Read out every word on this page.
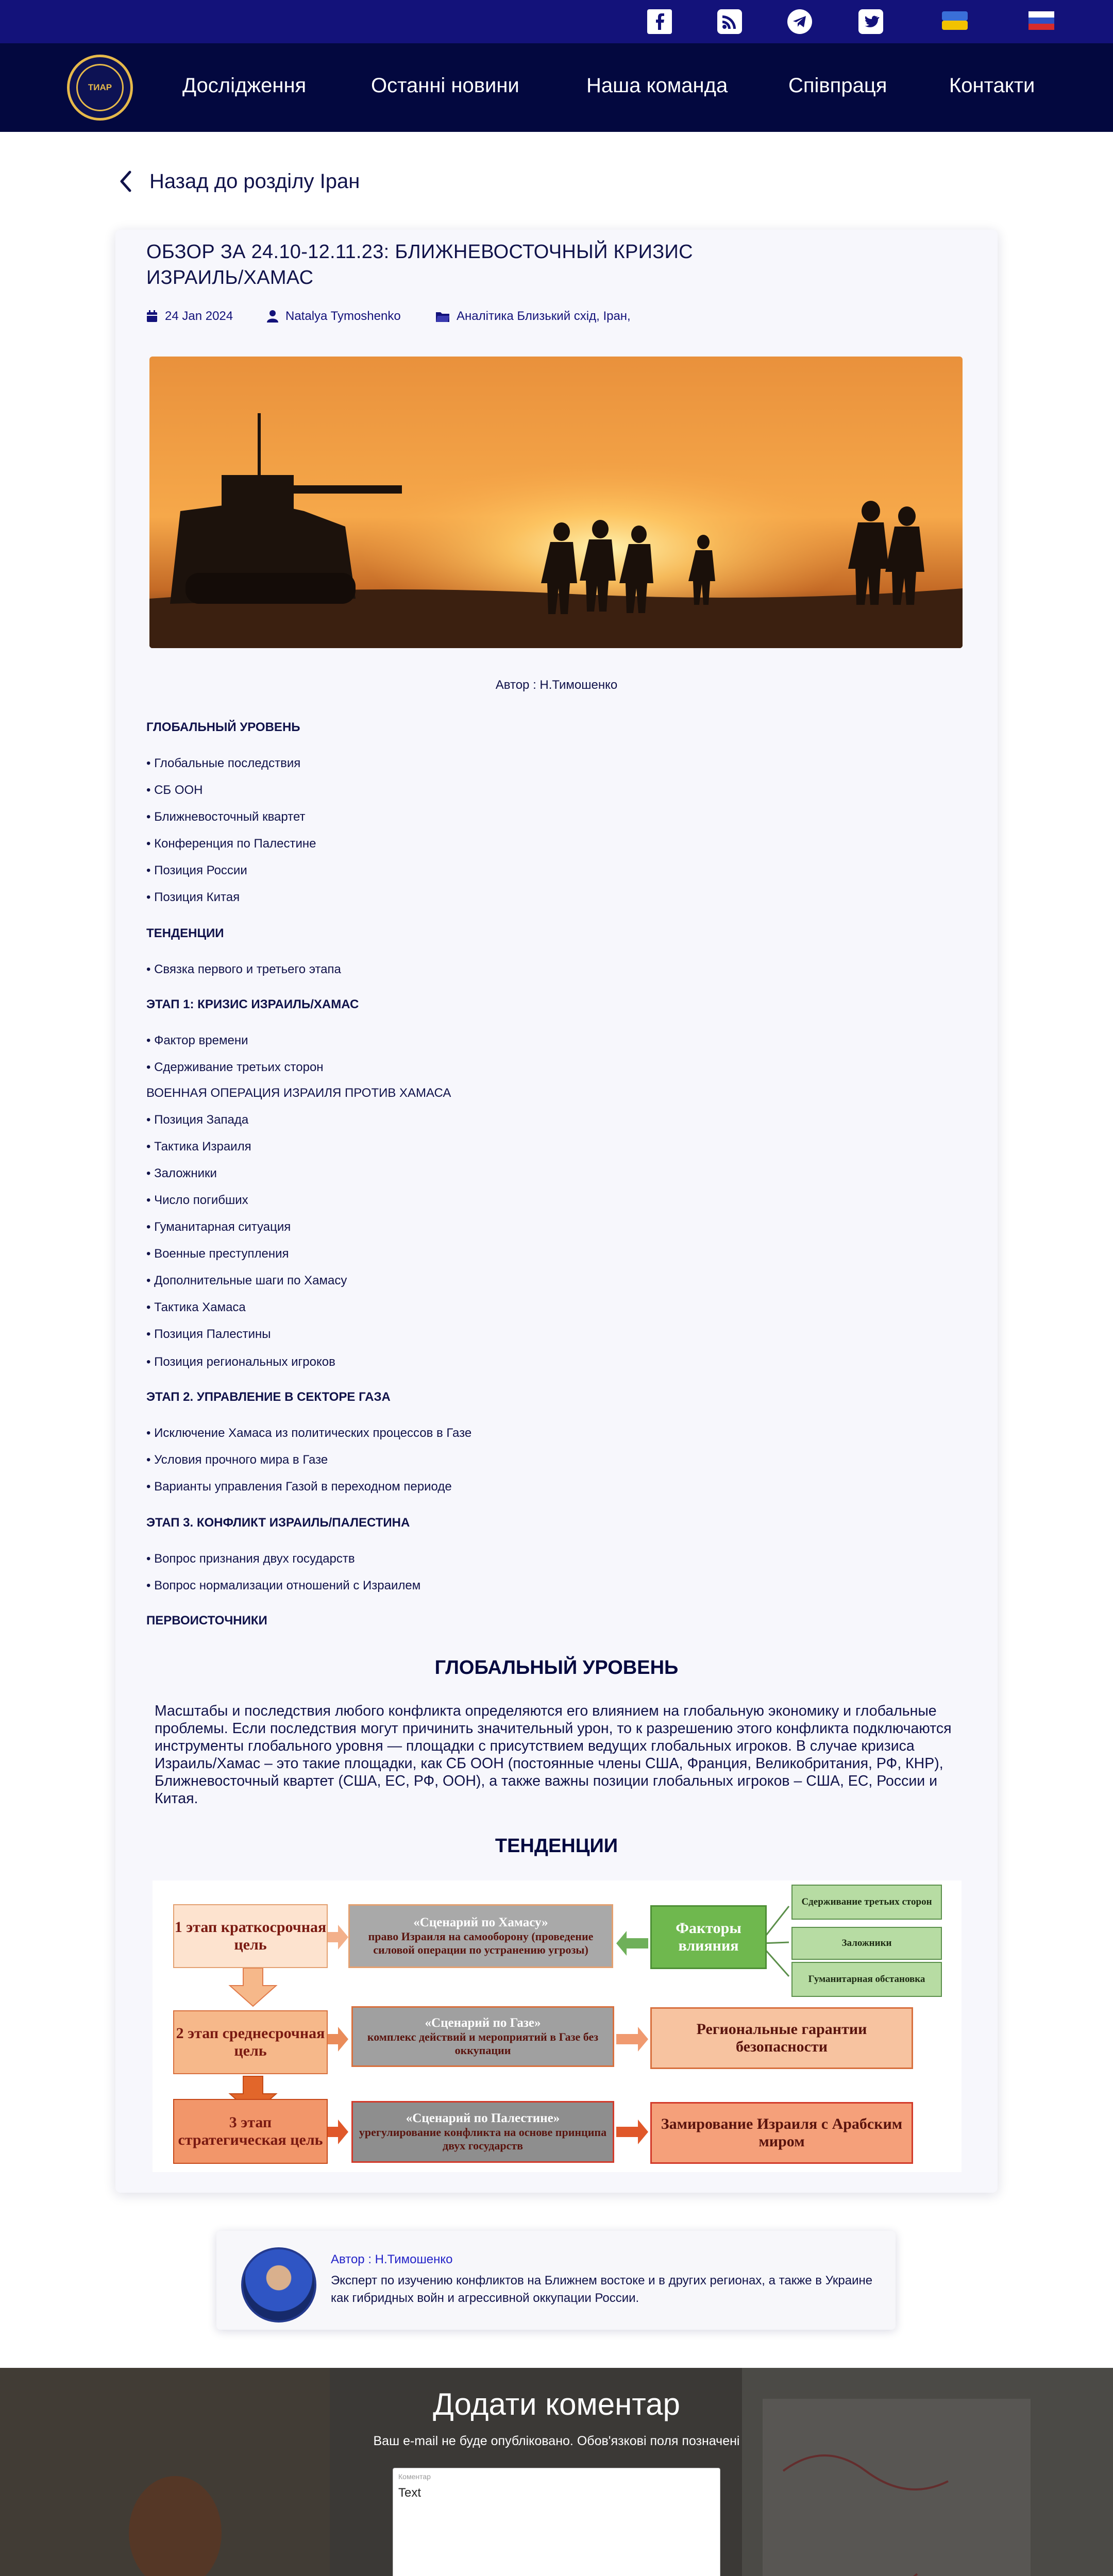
ТИАР	Дослідження	Останні новини	Наша команда	Співпраця	Контакти
Назад до розділу Іран
ОБЗОР ЗА 24.10-12.11.23: БЛИЖНЕВОСТОЧНЫЙ КРИЗИС ИЗРАИЛЬ/ХАМАС
24 Jan 2024	Natalya Tymoshenko	Аналітика Близький схід, Іран,
Автор : Н.Тимошенко
ГЛОБАЛЬНЫЙ УРОВЕНЬ
• Глобальные последствия
• СБ ООН
• Ближневосточный квартет
• Конференция по Палестине
• Позиция России
• Позиция Китая
ТЕНДЕНЦИИ
• Связка первого и третьего этапа
ЭТАП 1: КРИЗИС ИЗРАИЛЬ/ХАМАС
• Фактор времени
• Сдерживание третьих сторон
ВОЕННАЯ ОПЕРАЦИЯ ИЗРАИЛЯ ПРОТИВ ХАМАСА
• Позиция Запада
• Тактика Израиля
• Заложники
• Число погибших
• Гуманитарная ситуация
• Военные преступления
• Дополнительные шаги по Хамасу
• Тактика Хамаса
• Позиция Палестины
• Позиция региональных игроков
ЭТАП 2. УПРАВЛЕНИЕ В СЕКТОРЕ ГАЗА
• Исключение Хамаса из политических процессов в Газе
• Условия прочного мира в Газе
• Варианты управления Газой в переходном периоде
ЭТАП 3. КОНФЛИКТ ИЗРАИЛЬ/ПАЛЕСТИНА
• Вопрос признания двух государств
• Вопрос нормализации отношений с Израилем
ПЕРВОИСТОЧНИКИ
ГЛОБАЛЬНЫЙ УРОВЕНЬ

Масштабы и последствия любого конфликта определяются его влиянием на глобальную экономику и глобальные проблемы. Если последствия могут причинить значительный урон, то к разрешению этого конфликта подключаются инструменты глобального уровня — площадки с присутствием ведущих глобальных игроков. В случае кризиса Израиль/Хамас – это такие площадки, как СБ ООН (постоянные члены США, Франция, Великобритания, РФ, КНР), Ближневосточный квартет (США, ЕС, РФ, ООН), а также важны позиции глобальных игроков – США, ЕС, России и Китая.

ТЕНДЕНЦИИ
1 этап краткосрочная цель
2 этап среднесрочная цель
3 этап стратегическая цель
«Сценарий по Хамасу»
право Израиля на самооборону (проведение силовой операции по устранению угрозы)
«Сценарий по Газе»
комплекс действий и мероприятий в Газе без оккупации
«Сценарий по Палестине»
урегулирование конфликта на основе принципа двух государств
Факторы влияния
Сдерживание третьих сторон
Заложники
Гуманитарная обстановка
Региональные гарантии безопасности
Замирование Израиля с Арабским миром
Автор : Н.Тимошенко
Эксперт по изучению конфликтов на Ближнем востоке и в других регионах, а также в Украине как гибридных войн и агрессивной оккупации России.
Додати коментар
Ваш e-mail не буде опублікованo. Обов'язкові поля позначені
Коментар
Text
